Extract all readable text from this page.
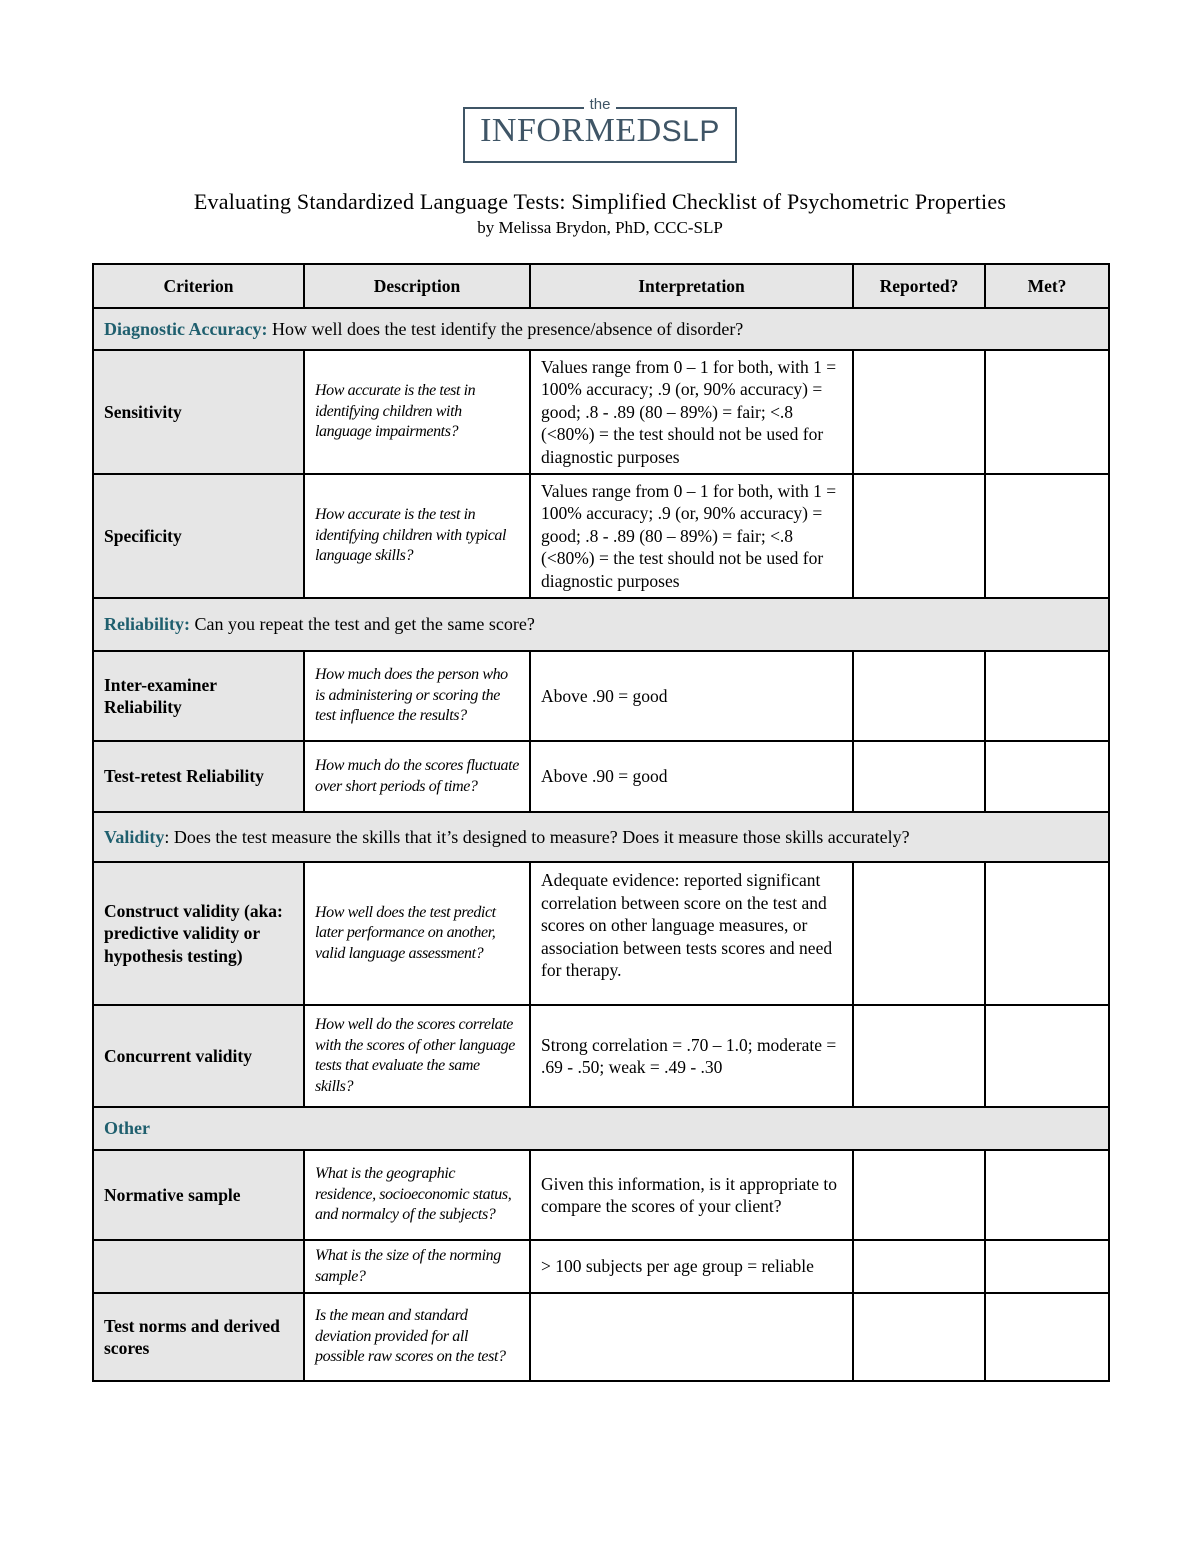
the
INFORMEDSLP
Evaluating Standardized Language Tests: Simplified Checklist of Psychometric Properties
by Melissa Brydon, PhD, CCC-SLP
Criterion	Description	Interpretation	Reported?	Met?
Diagnostic Accuracy: How well does the test identify the presence/absence of disorder?				
Sensitivity	How accurate is the test in identifying children with language impairments?	Values range from 0 – 1 for both, with 1 = 100% accuracy; .9 (or, 90% accuracy) = good; .8 - .89 (80 – 89%) = fair; <.8 (<80%) = the test should not be used for diagnostic purposes		
Specificity	How accurate is the test in identifying children with typical language skills?	Values range from 0 – 1 for both, with 1 = 100% accuracy; .9 (or, 90% accuracy) = good; .8 - .89 (80 – 89%) = fair; <.8 (<80%) = the test should not be used for diagnostic purposes		
Reliability: Can you repeat the test and get the same score?				
Inter-examiner Reliability	How much does the person who is administering or scoring the test influence the results?	Above .90 = good		
Test-retest Reliability	How much do the scores fluctuate over short periods of time?	Above .90 = good		
Validity: Does the test measure the skills that it’s designed to measure? Does it measure those skills accurately?				
Construct validity (aka: predictive validity or hypothesis testing)	How well does the test predict later performance on another, valid language assessment?	Adequate evidence: reported significant correlation between score on the test and scores on other language measures, or association between tests scores and need for therapy.		
Concurrent validity	How well do the scores correlate with the scores of other language tests that evaluate the same skills?	Strong correlation = .70 – 1.0; moderate = .69 - .50; weak = .49 - .30		
Other				
Normative sample	What is the geographic residence, socioeconomic status, and normalcy of the subjects?	Given this information, is it appropriate to compare the scores of your client?		
	What is the size of the norming sample?	> 100 subjects per age group = reliable		
Test norms and derived scores	Is the mean and standard deviation provided for all possible raw scores on the test?			
